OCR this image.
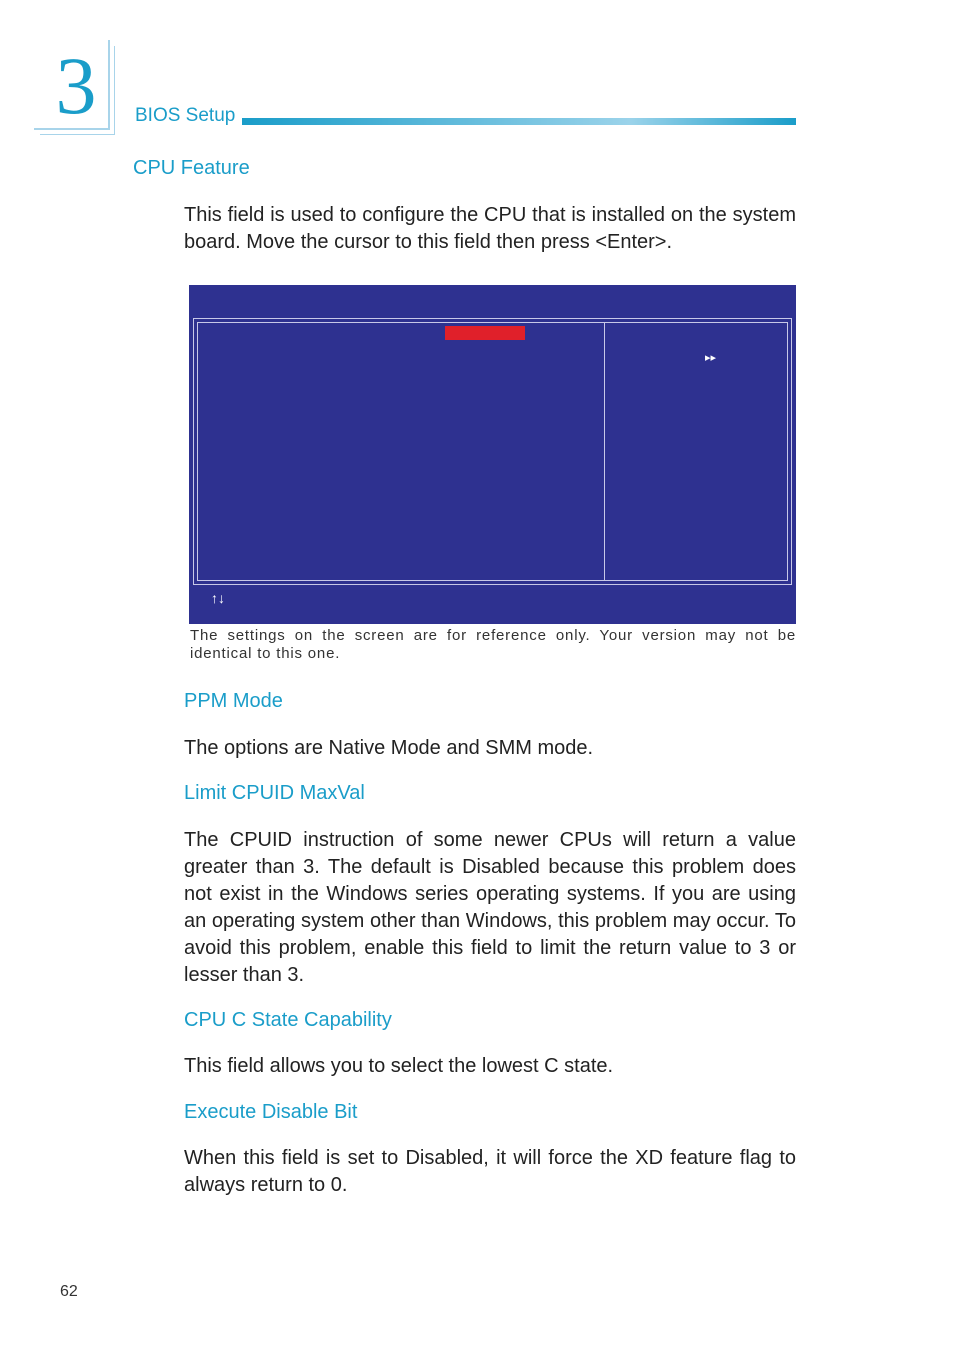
3	BIOS Setup
CPU Feature
This field is used to configure the CPU that is installed on the system board. Move the cursor to this field then press <Enter>.
▸▸
↑↓
The settings on the screen are for reference only. Your version may not be identical to this one.
PPM Mode
The options are Native Mode and SMM mode.
Limit CPUID MaxVal
The CPUID instruction of some newer CPUs will return a value greater than 3. The default is Disabled because this problem does not exist in the Windows series operating systems. If you are using an operating system other than Windows, this problem may occur. To avoid this problem, enable this field to limit the return value to 3 or lesser than 3.
CPU C State Capability
This field allows you to select the lowest C state.
Execute Disable Bit
When this field is set to Disabled, it will force the XD feature flag to always return to 0.
62
